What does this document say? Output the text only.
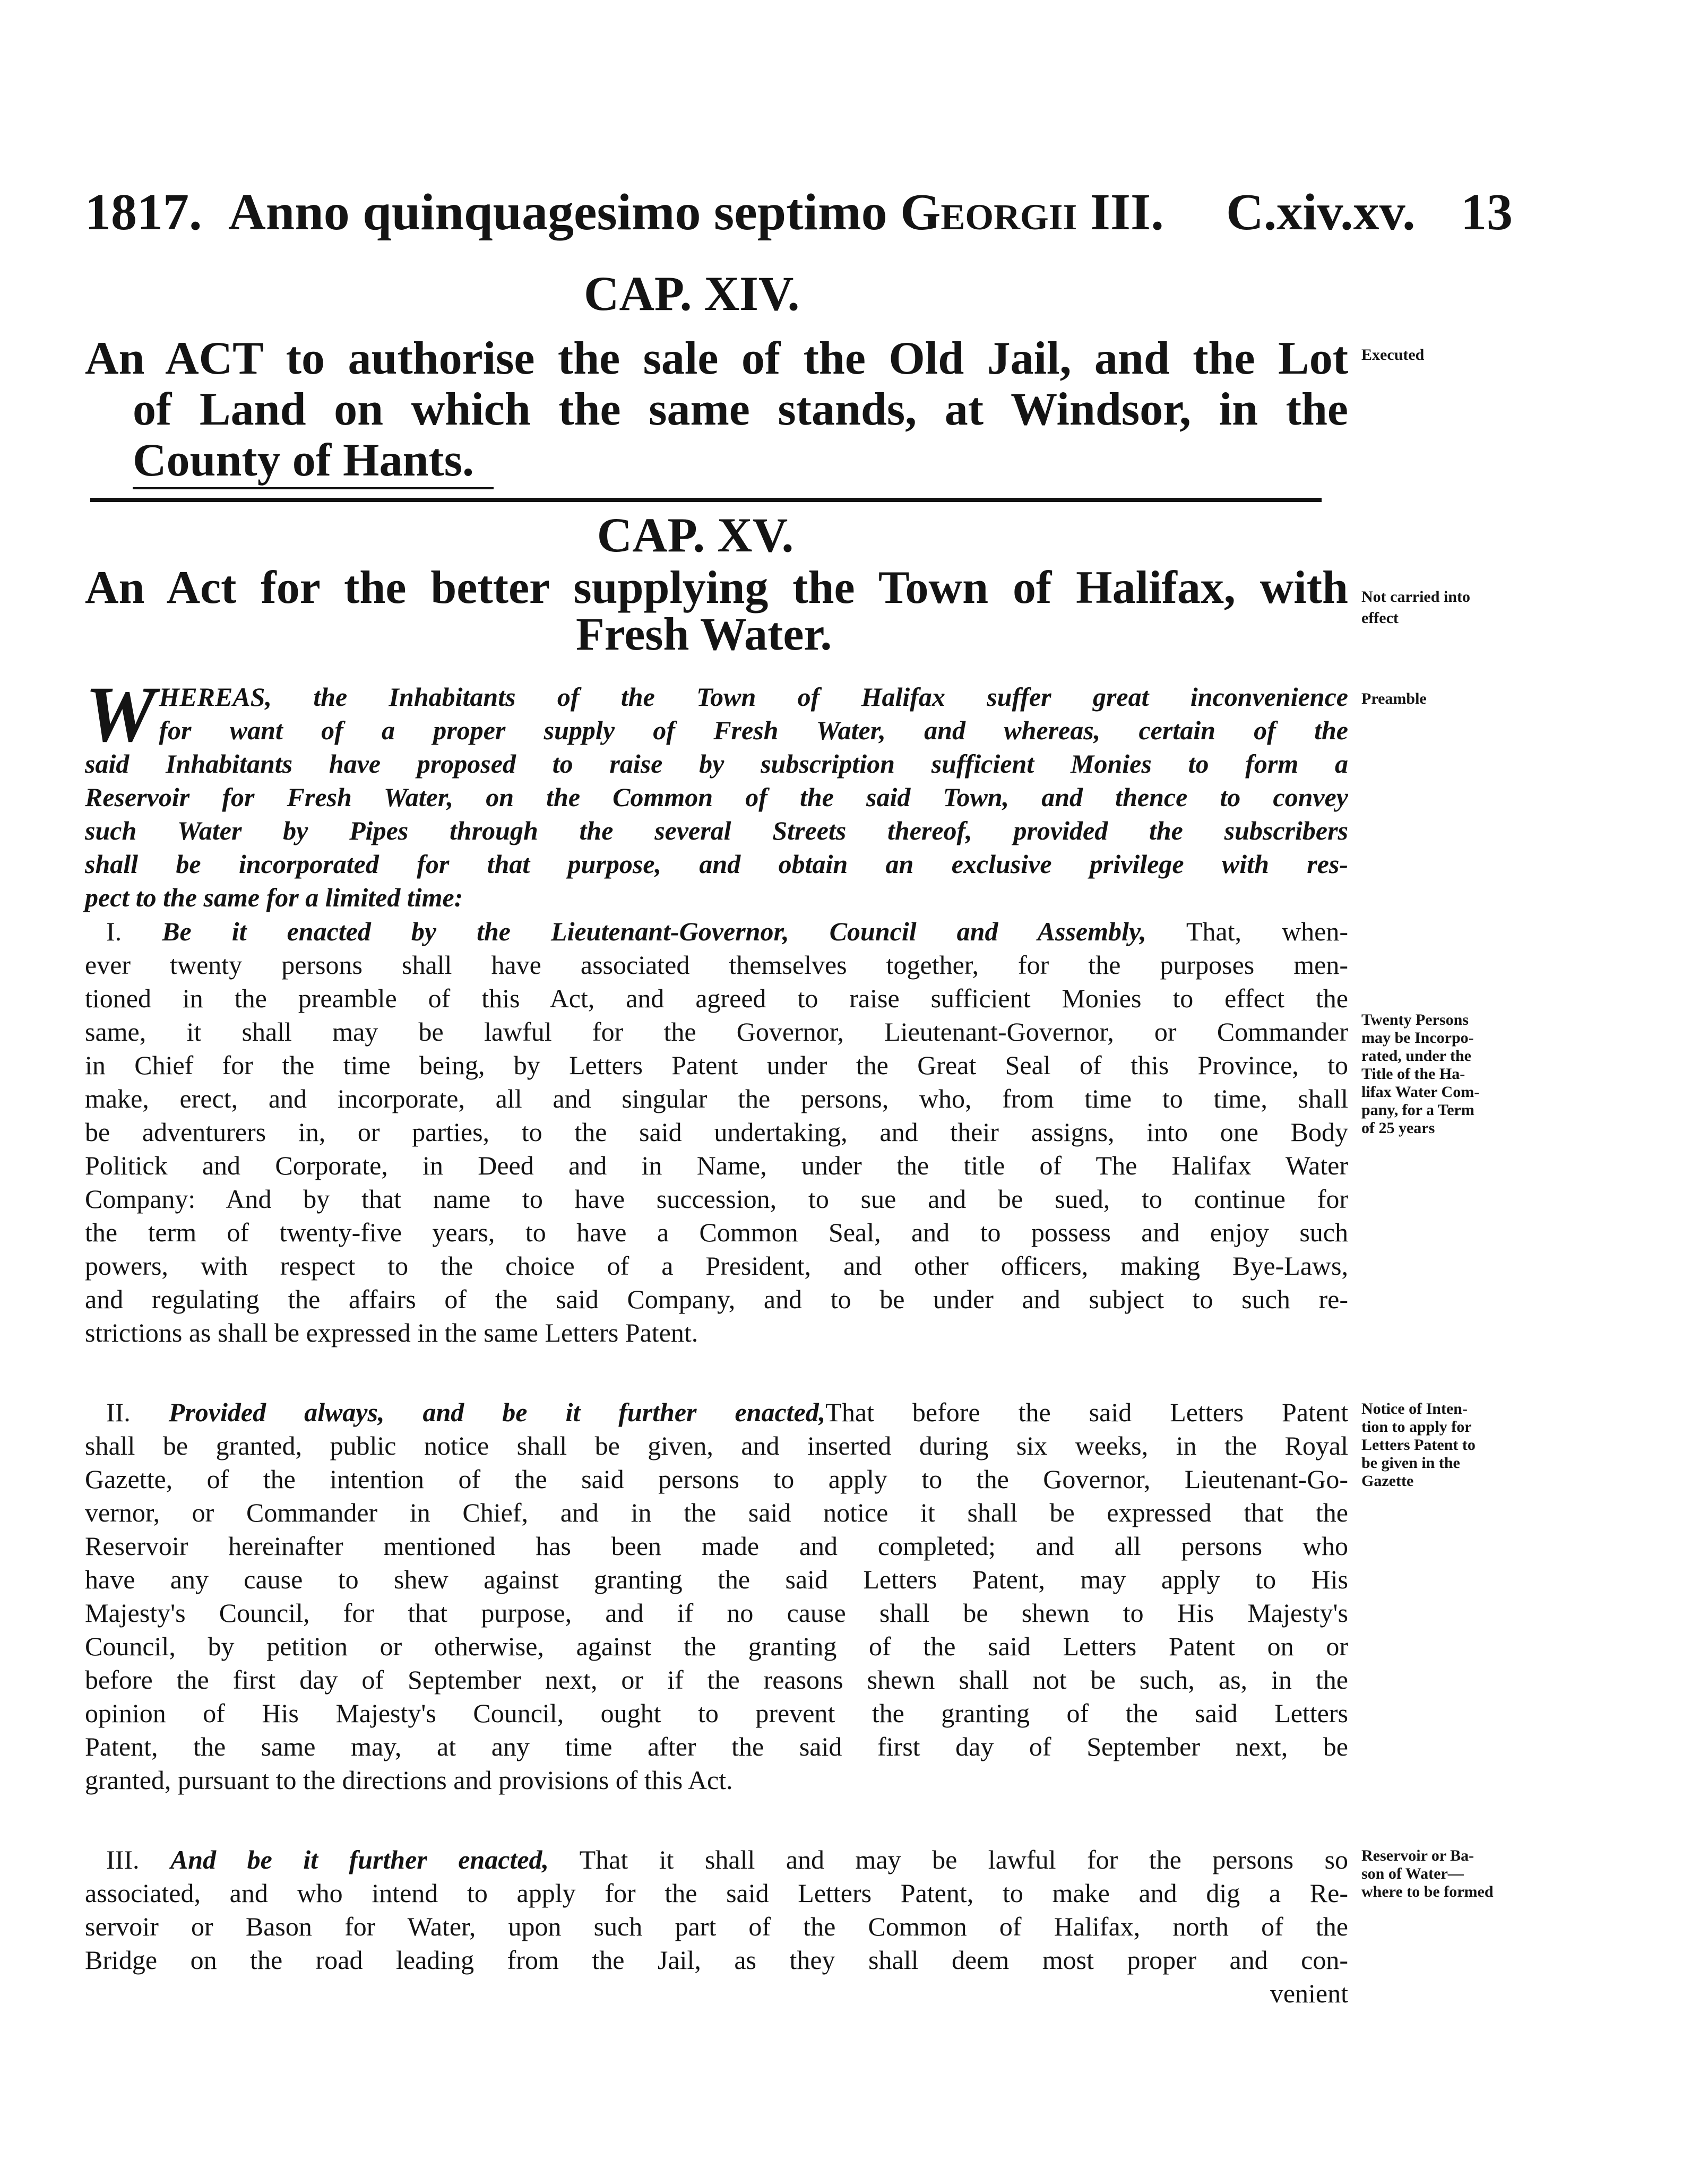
1817. Anno quinquagesimo septimo Georgii III. C.xiv.xv. 13
CAP. XIV.
An ACT to authorise the sale of the Old Jail, and the Lot
of Land on which the same stands, at Windsor, in the
County of Hants.
Executed
CAP. XV.
An Act for the better supplying the Town of Halifax, with
Fresh Water.
Not carried into
effect
W HEREAS, the Inhabitants of the Town of Halifax suffer great inconvenience
for want of a proper supply of Fresh Water, and whereas, certain of the
said Inhabitants have proposed to raise by subscription sufficient Monies to form a
Reservoir for Fresh Water, on the Common of the said Town, and thence to convey
such Water by Pipes through the several Streets thereof, provided the subscribers
shall be incorporated for that purpose, and obtain an exclusive privilege with res-
pect to the same for a limited time:
Preamble
I. Be it enacted by the Lieutenant-Governor, Council and Assembly, That, when-
ever twenty persons shall have associated themselves together, for the purposes men-
tioned in the preamble of this Act, and agreed to raise sufficient Monies to effect the
same, it shall may be lawful for the Governor, Lieutenant-Governor, or Commander
in Chief for the time being, by Letters Patent under the Great Seal of this Province, to
make, erect, and incorporate, all and singular the persons, who, from time to time, shall
be adventurers in, or parties, to the said undertaking, and their assigns, into one Body
Politick and Corporate, in Deed and in Name, under the title of The Halifax Water
Company: And by that name to have succession, to sue and be sued, to continue for
the term of twenty-five years, to have a Common Seal, and to possess and enjoy such
powers, with respect to the choice of a President, and other officers, making Bye-Laws,
and regulating the affairs of the said Company, and to be under and subject to such re-
strictions as shall be expressed in the same Letters Patent.
Twenty Persons
may be Incorpo-
rated, under the
Title of the Ha-
lifax Water Com-
pany, for a Term
of 25 years
II. Provided always, and be it further enacted,That before the said Letters Patent
shall be granted, public notice shall be given, and inserted during six weeks, in the Royal
Gazette, of the intention of the said persons to apply to the Governor, Lieutenant-Go-
vernor, or Commander in Chief, and in the said notice it shall be expressed that the
Reservoir hereinafter mentioned has been made and completed; and all persons who
have any cause to shew against granting the said Letters Patent, may apply to His
Majesty's Council, for that purpose, and if no cause shall be shewn to His Majesty's
Council, by petition or otherwise, against the granting of the said Letters Patent on or
before the first day of September next, or if the reasons shewn shall not be such, as, in the
opinion of His Majesty's Council, ought to prevent the granting of the said Letters
Patent, the same may, at any time after the said first day of September next, be
granted, pursuant to the directions and provisions of this Act.
Notice of Inten-
tion to apply for
Letters Patent to
be given in the
Gazette
III. And be it further enacted, That it shall and may be lawful for the persons so
associated, and who intend to apply for the said Letters Patent, to make and dig a Re-
servoir or Bason for Water, upon such part of the Common of Halifax, north of the
Bridge on the road leading from the Jail, as they shall deem most proper and con-
venient
Reservoir or Ba-
son of Water—
where to be formed
